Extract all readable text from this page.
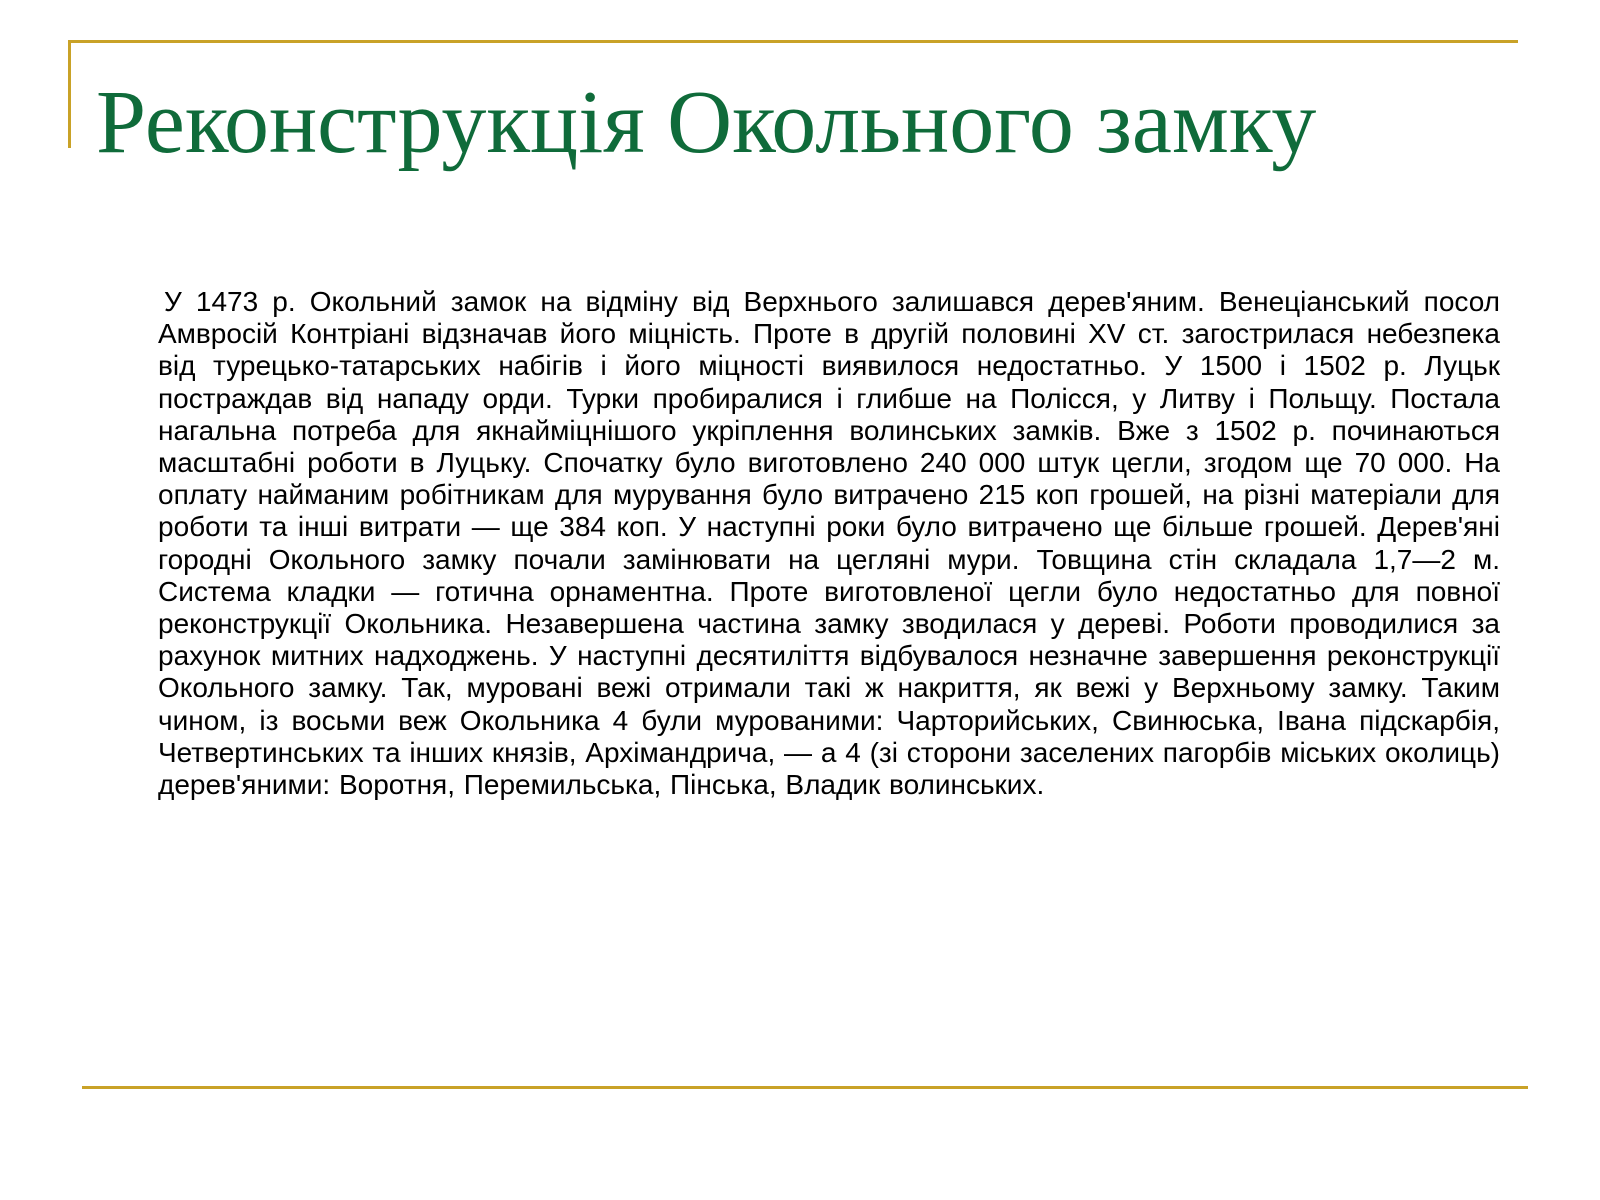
Реконструкція Окольного замку

У 1473 р. Окольний замок на відміну від Верхнього залишався дерев'яним. Венеціанський посол Амвросій Контріані відзначав його міцність. Проте в другій половині XV ст. загострилася небезпека від турецько-татарських набігів і його міцності виявилося недостатньо. У 1500 і 1502 р. Луцьк постраждав від нападу орди. Турки пробиралися і глибше на Полісся, у Литву і Польщу. Постала нагальна потреба для якнайміцнішого укріплення волинських замків. Вже з 1502 р. починаються масштабні роботи в Луцьку. Спочатку було виготовлено 240 000 штук цегли, згодом ще 70 000. На оплату найманим робітникам для мурування було витрачено 215 коп грошей, на різні матеріали для роботи та інші витрати — ще 384 коп. У наступні роки було витрачено ще більше грошей. Дерев'яні городні Окольного замку почали замінювати на цегляні мури. Товщина стін складала 1,7—2 м. Система кладки — готична орнаментна. Проте виготовленої цегли було недостатньо для повної реконструкції Окольника. Незавершена частина замку зводилася у дереві. Роботи проводилися за рахунок митних надходжень. У наступні десятиліття відбувалося незначне завершення реконструкції Окольного замку. Так, муровані вежі отримали такі ж накриття, як вежі у Верхньому замку. Таким чином, із восьми веж Окольника 4 були мурованими: Чарторийських, Свинюська, Івана підскарбія, Четвертинських та інших князів, Архімандрича, — а 4 (зі сторони заселених пагорбів міських околиць) дерев'яними: Воротня, Перемильська, Пінська, Владик волинських.
